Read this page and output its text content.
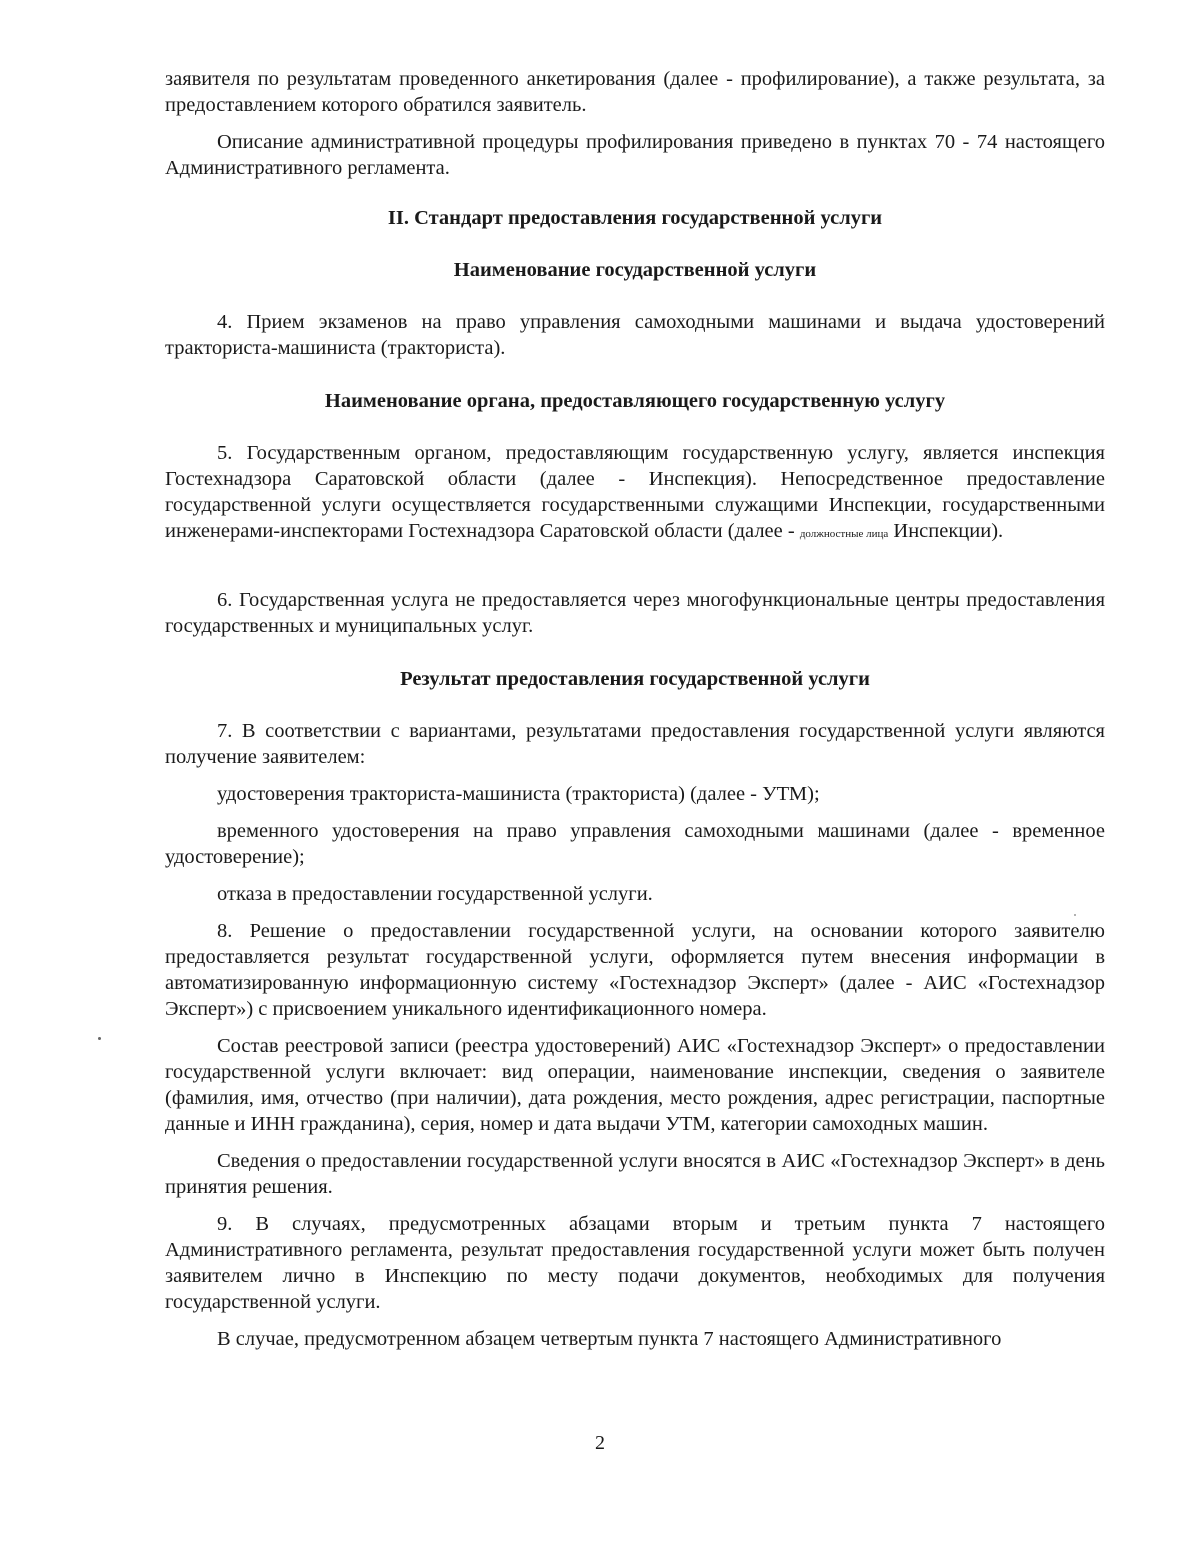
заявителя по результатам проведенного анкетирования (далее - профилирование), а также результата, за предоставлением которого обратился заявитель.

Описание административной процедуры профилирования приведено в пунктах 70 - 74 настоящего Административного регламента.

II. Стандарт предоставления государственной услуги

Наименование государственной услуги

4. Прием экзаменов на право управления самоходными машинами и выдача удостоверений тракториста-машиниста (тракториста).

Наименование органа, предоставляющего государственную услугу

5. Государственным органом, предоставляющим государственную услугу, является инспекция Гостехнадзора Саратовской области (далее - Инспекция). Непосредственное предоставление государственной услуги осуществляется государственными служащими Инспекции, государственными инженерами-инспекторами Гостехнадзора Саратовской области (далее - должностные лица Инспекции).

6. Государственная услуга не предоставляется через многофункциональные центры предоставления государственных и муниципальных услуг.

Результат предоставления государственной услуги

7. В соответствии с вариантами, результатами предоставления государственной услуги являются получение заявителем:

удостоверения тракториста-машиниста (тракториста) (далее - УТМ);

временного удостоверения на право управления самоходными машинами (далее - временное удостоверение);

отказа в предоставлении государственной услуги.

8. Решение о предоставлении государственной услуги, на основании которого заявителю предоставляется результат государственной услуги, оформляется путем внесения информации в автоматизированную информационную систему «Гостехнадзор Эксперт» (далее - АИС «Гостехнадзор Эксперт») с присвоением уникального идентификационного номера.

Состав реестровой записи (реестра удостоверений) АИС «Гостехнадзор Эксперт» о предоставлении государственной услуги включает: вид операции, наименование инспекции, сведения о заявителе (фамилия, имя, отчество (при наличии), дата рождения, место рождения, адрес регистрации, паспортные данные и ИНН гражданина), серия, номер и дата выдачи УТМ, категории самоходных машин.

Сведения о предоставлении государственной услуги вносятся в АИС «Гостехнадзор Эксперт» в день принятия решения.

9. В случаях, предусмотренных абзацами вторым и третьим пункта 7 настоящего Административного регламента, результат предоставления государственной услуги может быть получен заявителем лично в Инспекцию по месту подачи документов, необходимых для получения государственной услуги.

В случае, предусмотренном абзацем четвертым пункта 7 настоящего Административного

2
